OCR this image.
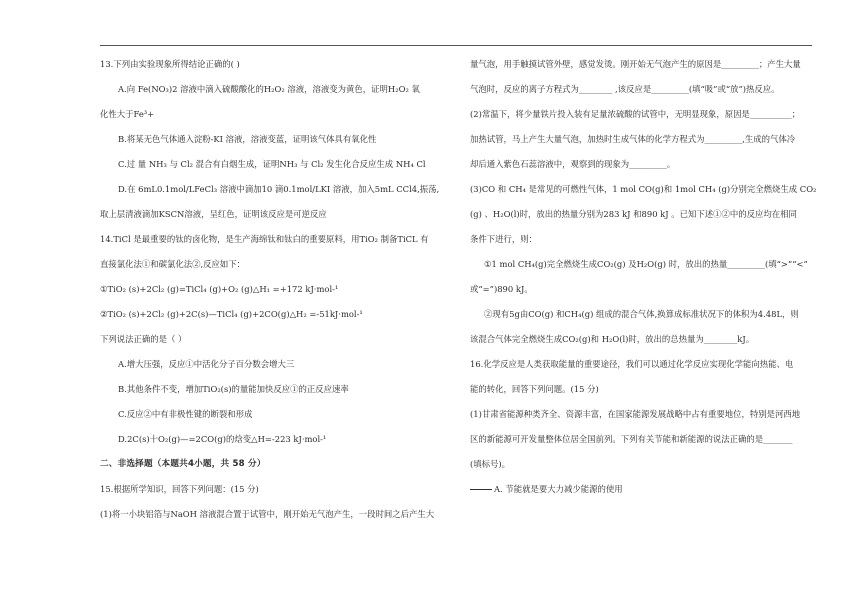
13.下列由实验现象所得结论正确的( )

A.向 Fe(NO₃)2 溶液中滴入硫酸酸化的H₂O₂ 溶液，溶液变为黄色，证明H₂O₂ 氧

化性大于Fe³+

B.将某无色气体通入淀粉-KI 溶液，溶液变蓝，证明该气体具有氧化性

C.过 量 NH₃ 与 Cl₂ 混合有白烟生成，证明NH₃ 与 Cl₂ 发生化合反应生成 NH₄ Cl

D.在 6mL0.1mol/LFeCl₃ 溶液中滴加10 滴0.1mol/LKI 溶液，加入5mL CCl4,振荡,

取上层清液滴加KSCN溶液，呈红色，证明该反应是可逆反应

14.TiCl 是最重要的钛的卤化物，是生产海绵钛和钛白的重要原料，用TiO₂ 制备TiCL 有

直接氯化法①和碳氯化法②,反应如下：

①TiO₂ (s)+2Cl₂ (g)=TiCl₄ (g)+O₂ (g)△H₁ =+172 kJ·mol-¹

②TiO₂ (s)+2Cl₂ (g)+2C(s)—TiCl₄ (g)+2CO(g)△H₂ =-51kJ·mol-¹

下列说法正确的是（ ）

A.增大压强，反应①中活化分子百分数会增大三

B.其他条件不变，增加TiO₂(s)的量能加快反应①的正反应速率

C.反应②中有非极性键的断裂和形成

D.2C(s)十O₂(g)—=2CO(g)的焓变△H=-223 kJ·mol-¹

二、非选择题（本题共4小题，共 58 分）

15.根据所学知识，回答下列问题：(15 分)

(1)将一小块铝箔与NaOH 溶液混合置于试管中，刚开始无气泡产生，一段时间之后产生大

量气泡，用手触摸试管外壁，感觉发烫。刚开始无气泡产生的原因是_________；产生大量

气泡时，反应的离子方程式为________ ,该反应是_________(填“吸”或“放”)热反应。

(2)常温下，将少量铁片投入装有足量浓硫酸的试管中，无明显现象，原因是__________；

加热试管，马上产生大量气泡，加热时生成气体的化学方程式为_________,生成的气体冷

却后通入紫色石蕊溶液中，观察到的现象为_________。

(3)CO 和 CH₄ 是常见的可燃性气体，1 mol CO(g)和 1mol CH₄ (g)分别完全燃烧生成 CO₂

(g) 、H₂O(l)时，放出的热量分别为283 kJ 和890 kJ 。已知下述①②中的反应均在相同

条件下进行，则：

①1 mol CH₄(g)完全燃烧生成CO₂(g) 及H₂O(g) 时，放出的热量_________(填“>”“<”

或“=”)890 kJ。

②现有5g由CO(g) 和CH₄(g) 组成的混合气体,换算成标准状况下的体积为4.48L，则

该混合气体完全燃烧生成CO₂(g)和 H₂O(l)时，放出的总热量为________kJ。

16.化学反应是人类获取能量的重要途径，我们可以通过化学反应实现化学能向热能、电

能的转化，回答下列问题。(15 分)

(1)甘肃省能源种类齐全、资源丰富，在国家能源发展战略中占有重要地位，特别是河西地

区的新能源可开发量整体位居全国前列。下列有关节能和新能源的说法正确的是_______

(填标号)。

A. 节能就是要大力减少能源的使用
